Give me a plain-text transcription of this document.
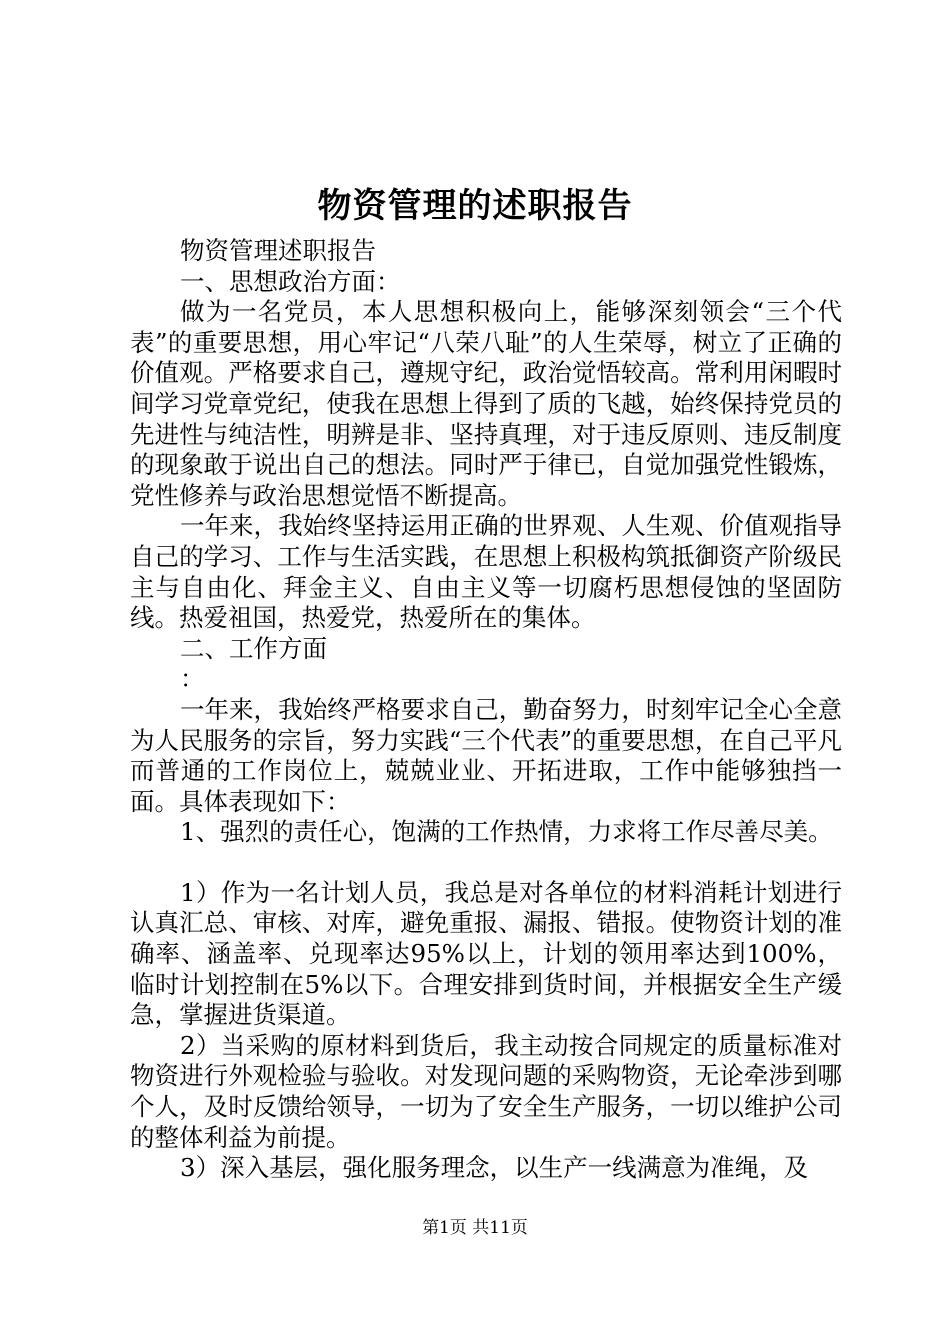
物资管理的述职报告

物资管理述职报告

一、思想政治方面：

做为一名党员，本人思想积极向上，能够深刻领会“三个代表”的重要思想，用心牢记“八荣八耻”的人生荣辱，树立了正确的价值观。严格要求自己，遵规守纪，政治觉悟较高。常利用闲暇时间学习党章党纪，使我在思想上得到了质的飞越，始终保持党员的先进性与纯洁性，明辨是非、坚持真理，对于违反原则、违反制度的现象敢于说出自己的想法。同时严于律已，自觉加强党性锻炼，党性修养与政治思想觉悟不断提高。

一年来，我始终坚持运用正确的世界观、人生观、价值观指导自己的学习、工作与生活实践，在思想上积极构筑抵御资产阶级民主与自由化、拜金主义、自由主义等一切腐朽思想侵蚀的坚固防线。热爱祖国，热爱党，热爱所在的集体。

二、工作方面

：

一年来，我始终严格要求自己，勤奋努力，时刻牢记全心全意为人民服务的宗旨，努力实践“三个代表”的重要思想，在自己平凡而普通的工作岗位上，兢兢业业、开拓进取，工作中能够独挡一面。具体表现如下：

1、强烈的责任心，饱满的工作热情，力求将工作尽善尽美。

1）作为一名计划人员，我总是对各单位的材料消耗计划进行认真汇总、审核、对库，避免重报、漏报、错报。使物资计划的准确率、涵盖率、兑现率达95%以上，计划的领用率达到100%，临时计划控制在5%以下。合理安排到货时间，并根据安全生产缓急，掌握进货渠道。

2）当采购的原材料到货后，我主动按合同规定的质量标准对物资进行外观检验与验收。对发现问题的采购物资，无论牵涉到哪个人，及时反馈给领导，一切为了安全生产服务，一切以维护公司的整体利益为前提。

3）深入基层，强化服务理念，以生产一线满意为准绳，及

第1页 共11页
